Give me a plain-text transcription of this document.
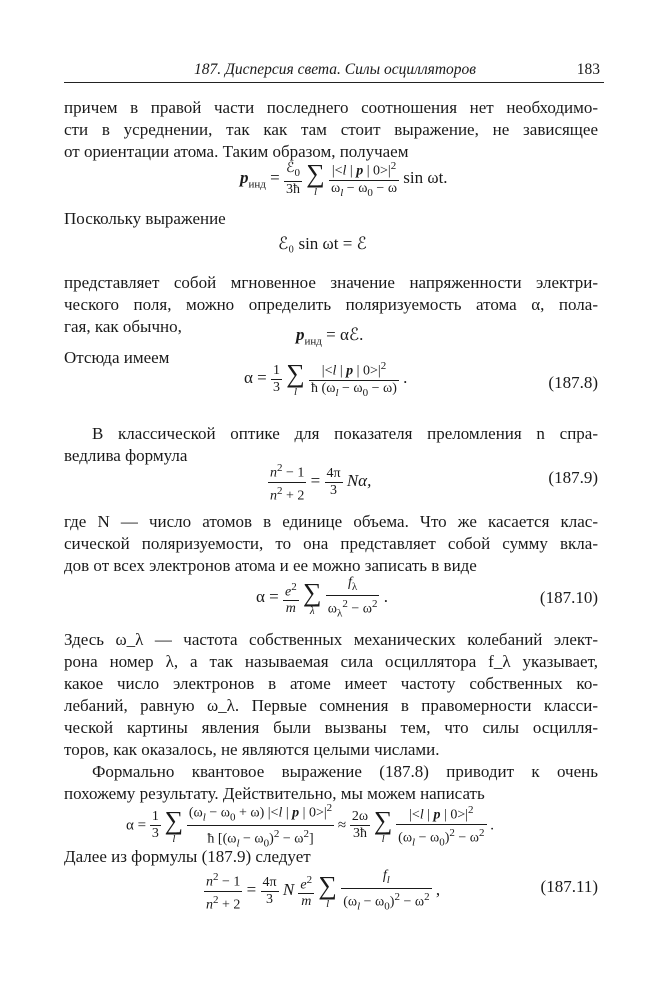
187. Дисперсия света. Силы осцилляторов	183
причем в правой части последнего соотношения нет необходимо-
сти в усреднении, так как там стоит выражение, не зависящее
от ориентации атома. Таким образом, получаем
$p_{инд} = \frac{ℰ_0}{3ħ}$
∑
l
$\frac{|<l | p | 0>|^2}{\omega_l - \omega_0 - \omega}$ sin ωt.
Поскольку выражение
ℰ₀ sin ωt = ℰ
представляет собой мгновенное значение напряженности электри-
ческого поля, можно определить поляризуемость атома α, пола-
гая, как обычно,	$p_{инд}$ = αℰ.
Отсюда имеем
$\alpha = \frac{1}{3}$
∑
l
$\frac{|<l | p | 0>|^2}{ħ (\omega_l - \omega_0 - \omega)}$ .	(187.8)
В классической оптике для показателя преломления n спра-
ведлива формула
$\frac{n^2 - 1}{n^2 + 2} = \frac{4\pi}{3} N\alpha$,	(187.9)
где N — число атомов в единице объема. Что же касается клас-
сической поляризуемости, то она представляет собой сумму вкла-
дов от всех электронов атома и ее можно записать в виде
$\alpha = \frac{e^2}{m}$
∑
λ
$\frac{f_\lambda}{\omega_\lambda^2 - \omega^2}$ .	(187.10)
Здесь ω_λ — частота собственных механических колебаний элект-
рона номер λ, а так называемая сила осциллятора f_λ указывает,
какое число электронов в атоме имеет частоту собственных ко-
лебаний, равную ω_λ. Первые сомнения в правомерности класси-
ческой картины явления были вызваны тем, что силы осцилля-
торов, как оказалось, не являются целыми числами.
Формально квантовое выражение (187.8) приводит к очень
похожему результату. Действительно, мы можем написать
$\alpha = \frac{1}{3}$
∑
l
$\frac{(\omega_l - \omega_0 + \omega) |<l | p | 0>|^2}{ħ [(\omega_l - \omega_0)^2 - \omega^2]} \approx \frac{2\omega}{3ħ}$
∑
l
$\frac{|<l | p | 0>|^2}{(\omega_l - \omega_0)^2 - \omega^2}$ .
Далее из формулы (187.9) следует
$\frac{n^2 - 1}{n^2 + 2} = \frac{4\pi}{3}$ N $\frac{e^2}{m}$
∑
l
$\frac{f_l}{(\omega_l - \omega_0)^2 - \omega^2}$ ,	(187.11)
